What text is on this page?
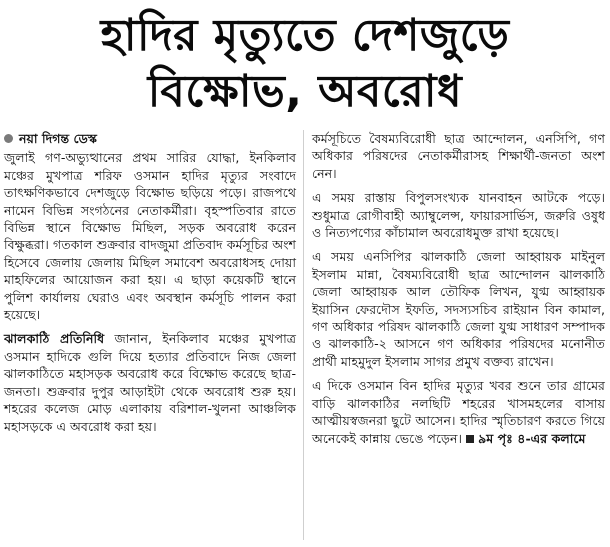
হাদির মৃত্যুতে দেশজুড়ে
বিক্ষোভ, অবরোধ
নয়া দিগন্ত ডেস্ক

জুলাই গণ-অভ্যুত্থানের প্রথম সারির যোদ্ধা, ইনকিলাব মঞ্চের মুখপাত্র শরিফ ওসমান হাদির মৃত্যুর সংবাদে তাৎক্ষণিকভাবে দেশজুড়ে বিক্ষোভ ছড়িয়ে পড়ে। রাজপথে নামেন বিভিন্ন সংগঠনের নেতাকর্মীরা। বৃহস্পতিবার রাতে বিভিন্ন স্থানে বিক্ষোভ মিছিল, সড়ক অবরোধ করেন বিক্ষুব্ধরা। গতকাল শুক্রবার বাদজুমা প্রতিবাদ কর্মসূচির অংশ হিসেবে জেলায় জেলায় মিছিল সমাবেশ অবরোধসহ দোয়া মাহফিলের আয়োজন করা হয়। এ ছাড়া কয়েকটি স্থানে পুলিশ কার্যালয় ঘেরাও এবং অবস্থান কর্মসূচি পালন করা হয়েছে।

ঝালকাঠি প্রতিনিধি জানান, ইনকিলাব মঞ্চের মুখপাত্র ওসমান হাদিকে গুলি দিয়ে হত্যার প্রতিবাদে নিজ জেলা ঝালকাঠিতে মহাসড়ক অবরোধ করে বিক্ষোভ করেছে ছাত্র-জনতা। শুক্রবার দুপুর আড়াইটা থেকে অবরোধ শুরু হয়। শহরের কলেজ মোড় এলাকায় বরিশাল-খুলনা আঞ্চলিক মহাসড়কে এ অবরোধ করা হয়।

কর্মসূচিতে বৈষম্যবিরোধী ছাত্র আন্দোলন, এনসিপি, গণ অধিকার পরিষদের নেতাকর্মীরাসহ শিক্ষার্থী-জনতা অংশ নেন।

এ সময় রাস্তায় বিপুলসংখ্যক যানবাহন আটকে পড়ে। শুধুমাত্র রোগীবাহী অ্যাম্বুলেন্স, ফায়ারসার্ভিস, জরুরি ওষুধ ও নিত্যপণ্যের কাঁচামাল অবরোধমুক্ত রাখা হয়েছে।

এ সময় এনসিপির ঝালকাঠি জেলা আহ্বায়ক মাইনুল ইসলাম মান্না, বৈষম্যবিরোধী ছাত্র আন্দোলন ঝালকাঠি জেলা আহ্বায়ক আল তৌফিক লিখন, যুগ্ম আহ্বায়ক ইয়াসিন ফেরদৌস ইফতি, সদস্যসচিব রাইয়ান বিন কামাল, গণ অধিকার পরিষদ ঝালকাঠি জেলা যুগ্ম সাধারণ সম্পাদক ও ঝালকাঠি-২ আসনে গণ অধিকার পরিষদের মনোনীত প্রার্থী মাহমুদুল ইসলাম সাগর প্রমুখ বক্তব্য রাখেন।

এ দিকে ওসমান বিন হাদির মৃত্যুর খবর শুনে তার গ্রামের বাড়ি ঝালকাঠির নলছিটি শহরের খাসমহলের বাসায় আত্মীয়স্বজনরা ছুটে আসেন। হাদির স্মৃতিচারণ করতে গিয়ে অনেকেই কান্নায় ভেঙে পড়েন। ৯ম পৃঃ ৪-এর কলামে
